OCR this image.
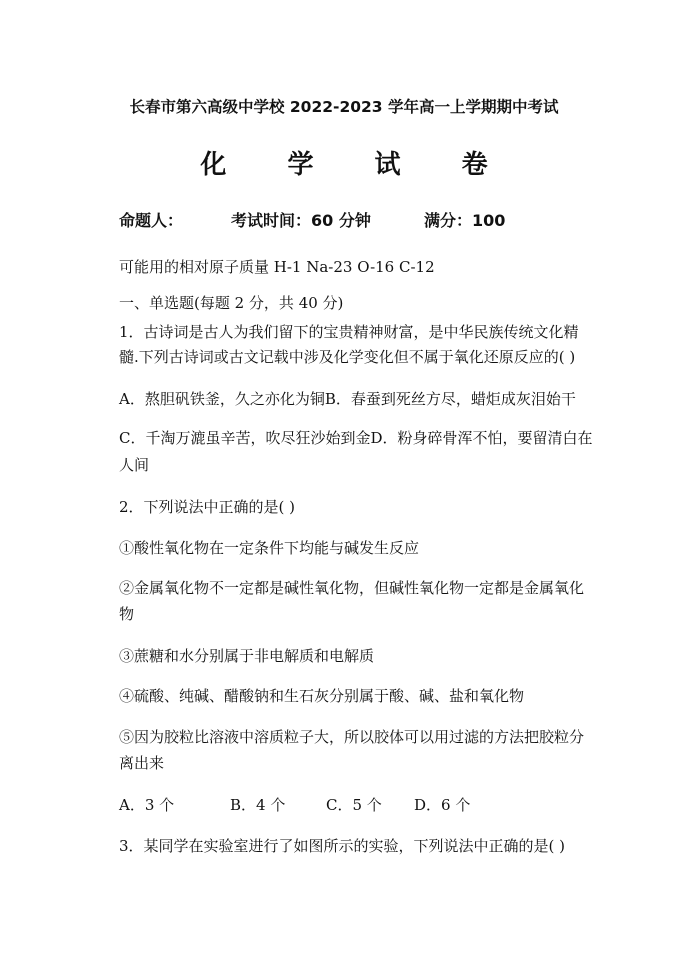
长春市第六高级中学校 2022-2023 学年高一上学期期中考试
化 学 试 卷
命题人：	考试时间：60 分钟	满分：100
可能用的相对原子质量 H-1 Na-23 O-16 C-12
一、单选题(每题 2 分，共 40 分)
1．古诗词是古人为我们留下的宝贵精神财富，是中华民族传统文化精
髓.下列古诗词或古文记载中涉及化学变化但不属于氧化还原反应的( )
A．熬胆矾铁釜，久之亦化为铜B．春蚕到死丝方尽，蜡炬成灰泪始干
C．千淘万漉虽辛苦，吹尽狂沙始到金D．粉身碎骨浑不怕，要留清白在
人间
2．下列说法中正确的是( )
①酸性氧化物在一定条件下均能与碱发生反应
②金属氧化物不一定都是碱性氧化物，但碱性氧化物一定都是金属氧化
物
③蔗糖和水分别属于非电解质和电解质
④硫酸、纯碱、醋酸钠和生石灰分别属于酸、碱、盐和氧化物
⑤因为胶粒比溶液中溶质粒子大，所以胶体可以用过滤的方法把胶粒分
离出来
A．3 个	B．4 个	C．5 个 D．6 个
3．某同学在实验室进行了如图所示的实验，下列说法中正确的是( )
